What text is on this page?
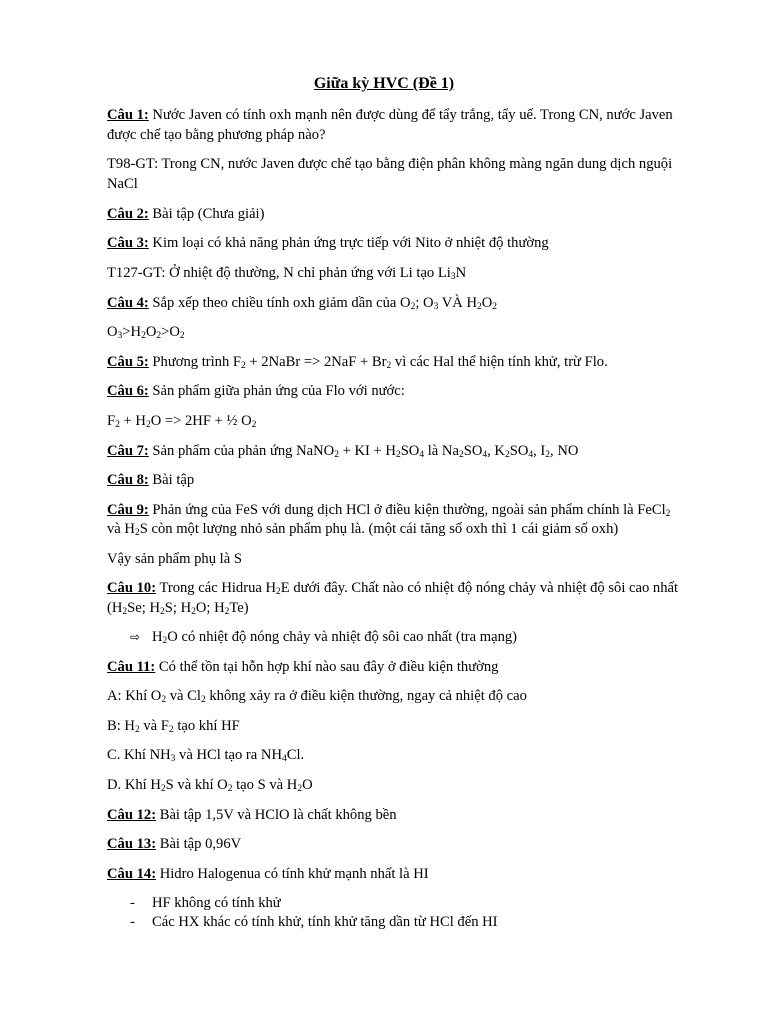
Giữa kỳ HVC (Đề 1)
Câu 1: Nước Javen có tính oxh mạnh nên được dùng để tẩy trắng, tẩy uế. Trong CN, nước Javen
được chế tạo bằng phương pháp nào?
T98-GT: Trong CN, nước Javen được chế tạo bằng điện phân không màng ngăn dung dịch nguội
NaCl
Câu 2: Bài tập (Chưa giải)
Câu 3: Kim loại có khả năng phản ứng trực tiếp với Nito ở nhiệt độ thường
T127-GT: Ở nhiệt độ thường, N chỉ phản ứng với Li tạo $Li_3N$
Câu 4: Sắp xếp theo chiều tính oxh giảm dần của $O_2$; $O_3$ VÀ $H_2O_2$
$O_3>H_2O_2>O_2$
Câu 5: Phương trình $F_2$ + 2NaBr => $2NaF + Br_2$ vì các Hal thể hiện tính khử, trừ Flo.
Câu 6: Sản phẩm giữa phản ứng của Flo với nước:
$F_2 + H_2O => 2HF$ + ½ $O_2$
Câu 7: Sản phẩm của phản ứng NaNO$_2$ + KI + $H_2SO_4$ là $Na_2SO_4$, $K_2SO_4$, $I_2$, NO
Câu 8: Bài tập
Câu 9: Phản ứng của FeS với dung dịch HCl ở điều kiện thường, ngoài sản phẩm chính là FeCl$_2$
và $H_2S$ còn một lượng nhỏ sản phẩm phụ là. (một cái tăng số oxh thì 1 cái giảm số oxh)
Vậy sản phẩm phụ là S
Câu 10: Trong các Hidrua $H_2E$ dưới đây. Chất nào có nhiệt độ nóng chảy và nhiệt độ sôi cao nhất
($H_2Se$; $H_2S$; $H_2O$; $H_2Te$)
⇨ $H_2O$ có nhiệt độ nóng chảy và nhiệt độ sôi cao nhất (tra mạng)
Câu 11: Có thể tồn tại hỗn hợp khí nào sau đây ở điều kiện thường
A: Khí $O_2$ và $Cl_2$ không xảy ra ở điều kiện thường, ngay cả nhiệt độ cao
B: $H_2$ và $F_2$ tạo khí HF
C. Khí $NH_3$ và HCl tạo ra $NH_4Cl$.
D. Khí $H_2S$ và khí $O_2$ tạo S và $H_2O$
Câu 12: Bài tập 1,5V và HClO là chất không bền
Câu 13: Bài tập 0,96V
Câu 14: Hidro Halogenua có tính khử mạnh nhất là HI
- HF không có tính khử
- Các HX khác có tính khử, tính khử tăng dần từ HCl đến HI
